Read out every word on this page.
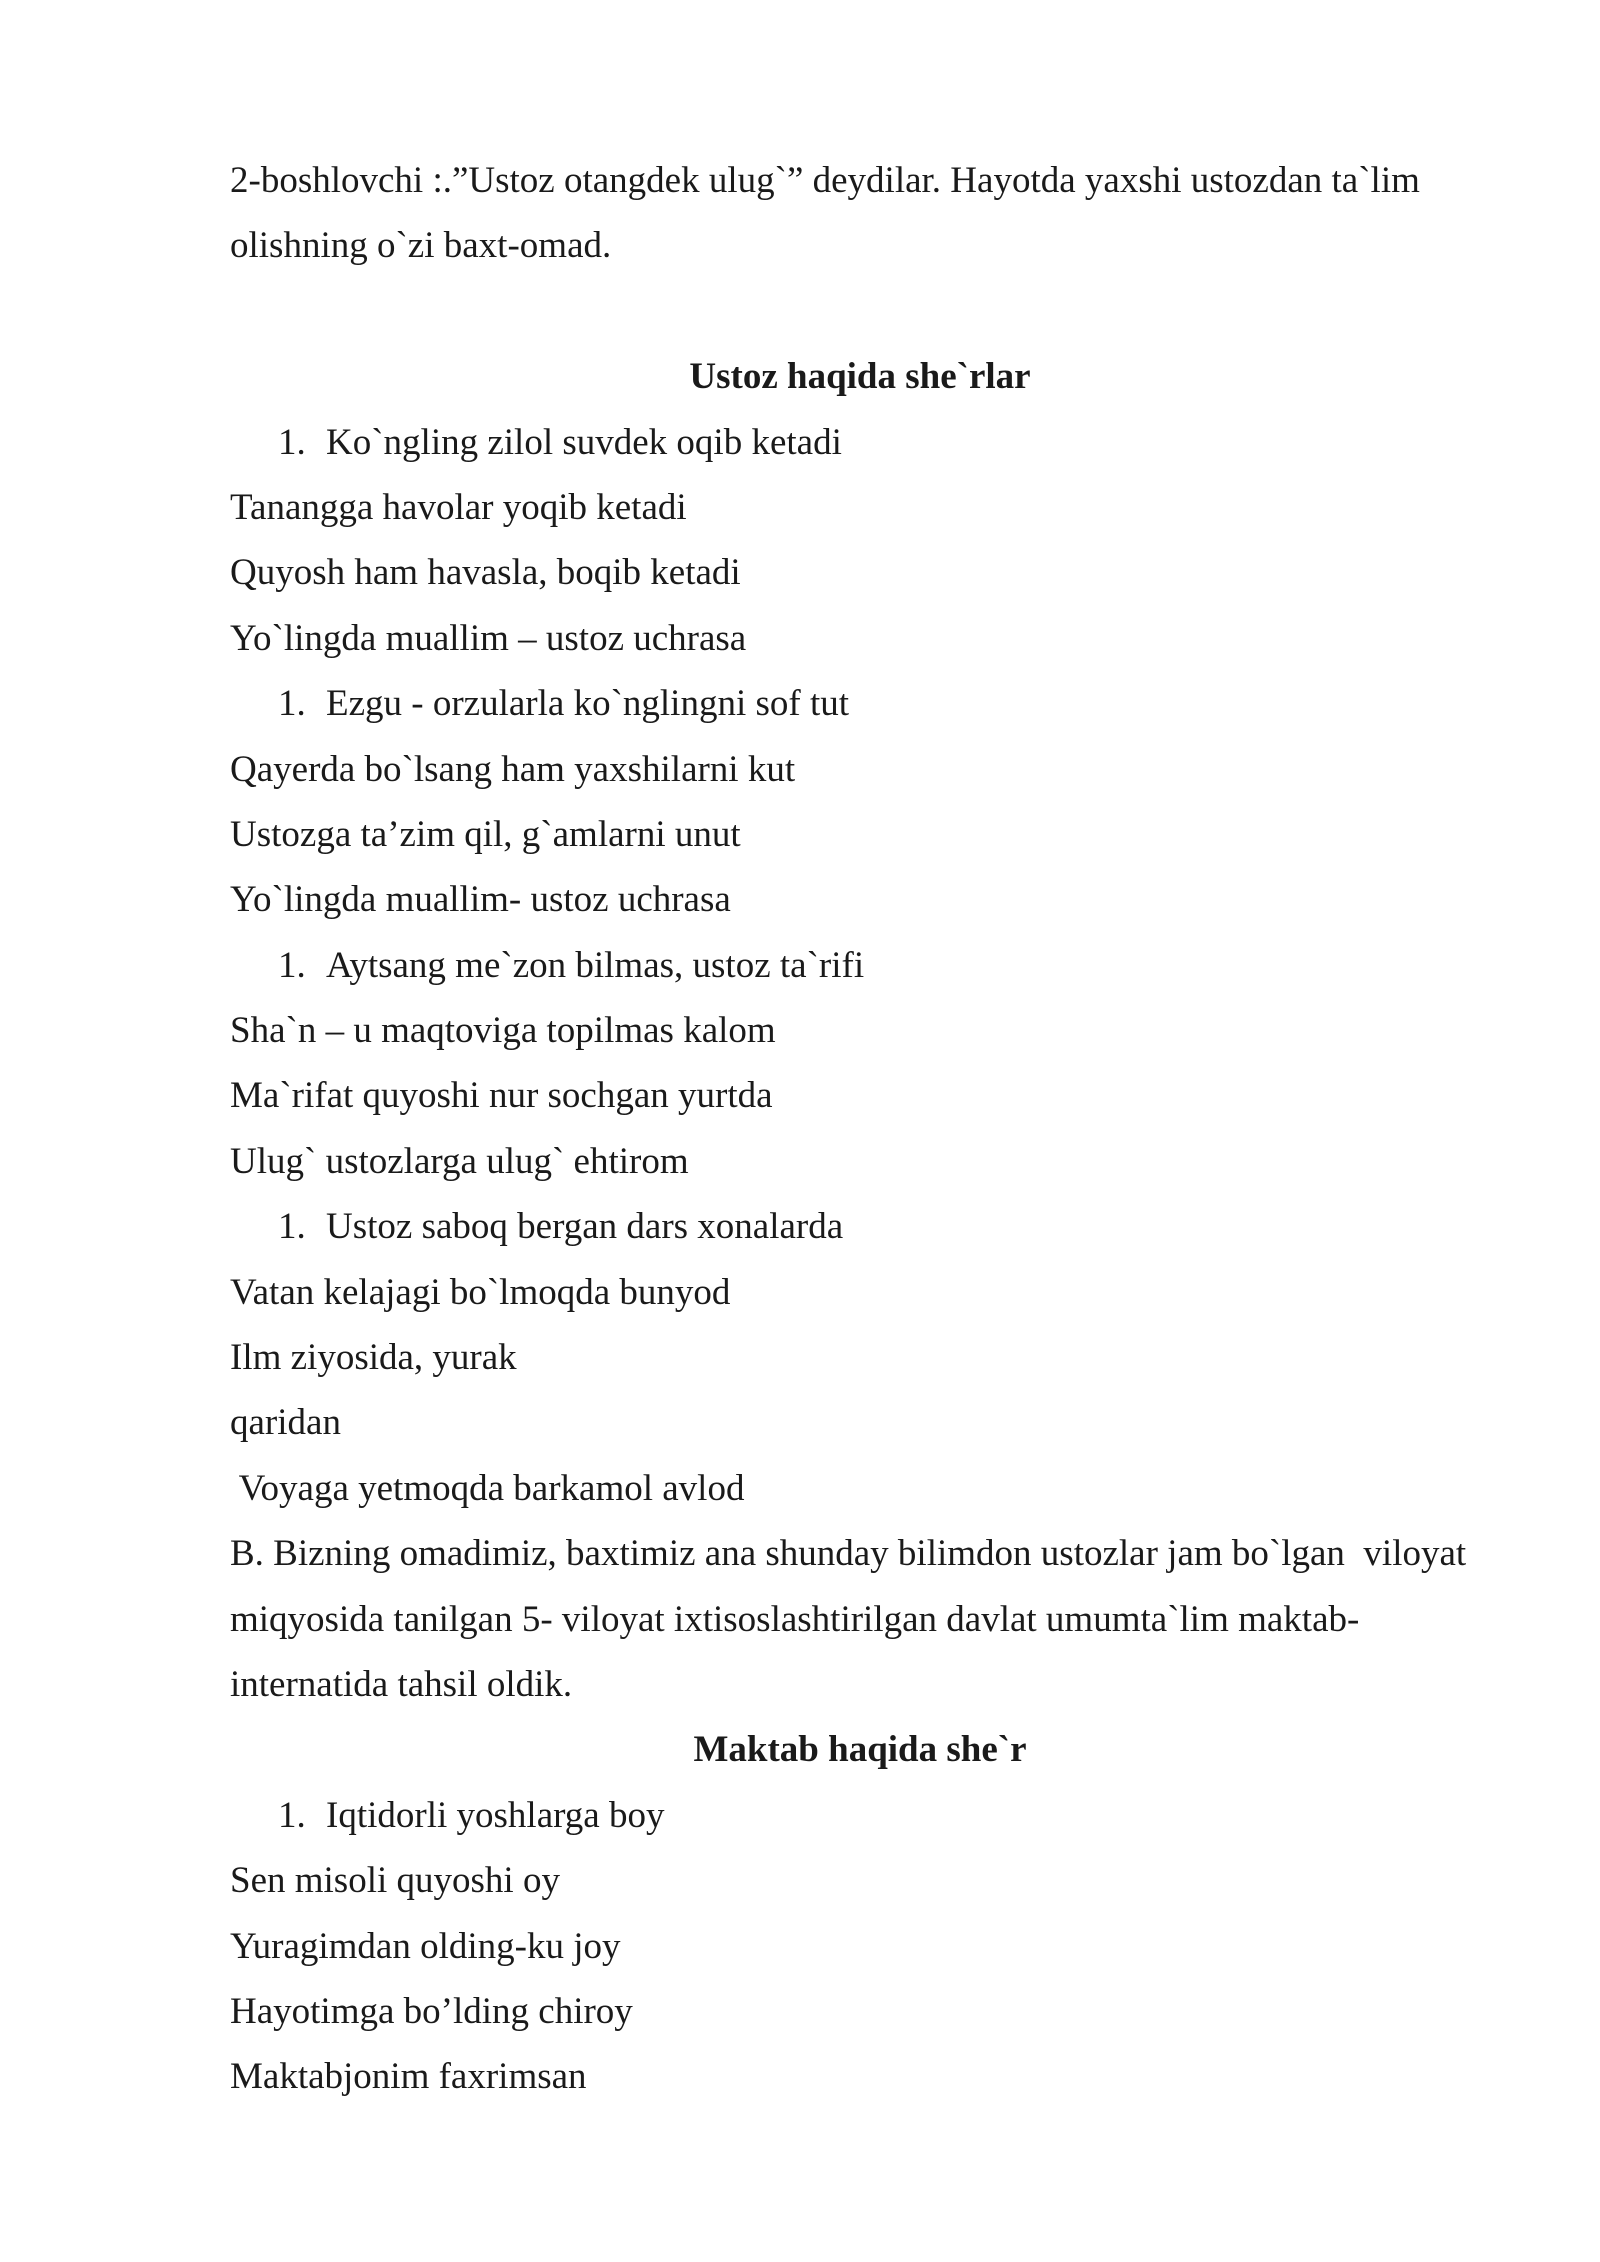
2-boshlovchi :.”Ustoz otangdek ulug`” deydilar. Hayotda yaxshi ustozdan ta`lim
olishning o`zi baxt-omad.
Ustoz haqida she`rlar
1. Ko`ngling zilol suvdek oqib ketadi
Tanangga havolar yoqib ketadi
Quyosh ham havasla, boqib ketadi
Yo`lingda muallim – ustoz uchrasa
1. Ezgu - orzularla ko`nglingni sof tut
Qayerda bo`lsang ham yaxshilarni kut
Ustozga ta’zim qil, g`amlarni unut
Yo`lingda muallim- ustoz uchrasa
1. Aytsang me`zon bilmas, ustoz ta`rifi
Sha`n – u maqtoviga topilmas kalom
Ma`rifat quyoshi nur sochgan yurtda
Ulug` ustozlarga ulug` ehtirom
1. Ustoz saboq bergan dars xonalarda
Vatan kelajagi bo`lmoqda bunyod
Ilm ziyosida, yurak
qaridan
Voyaga yetmoqda barkamol avlod
B. Bizning omadimiz, baxtimiz ana shunday bilimdon ustozlar jam bo`lgan  viloyat
miqyosida tanilgan 5- viloyat ixtisoslashtirilgan davlat umumta`lim maktab-
internatida tahsil oldik.
Maktab haqida she`r
1. Iqtidorli yoshlarga boy
Sen misoli quyoshi oy
Yuragimdan olding-ku joy
Hayotimga bo’lding chiroy
Maktabjonim faxrimsan
